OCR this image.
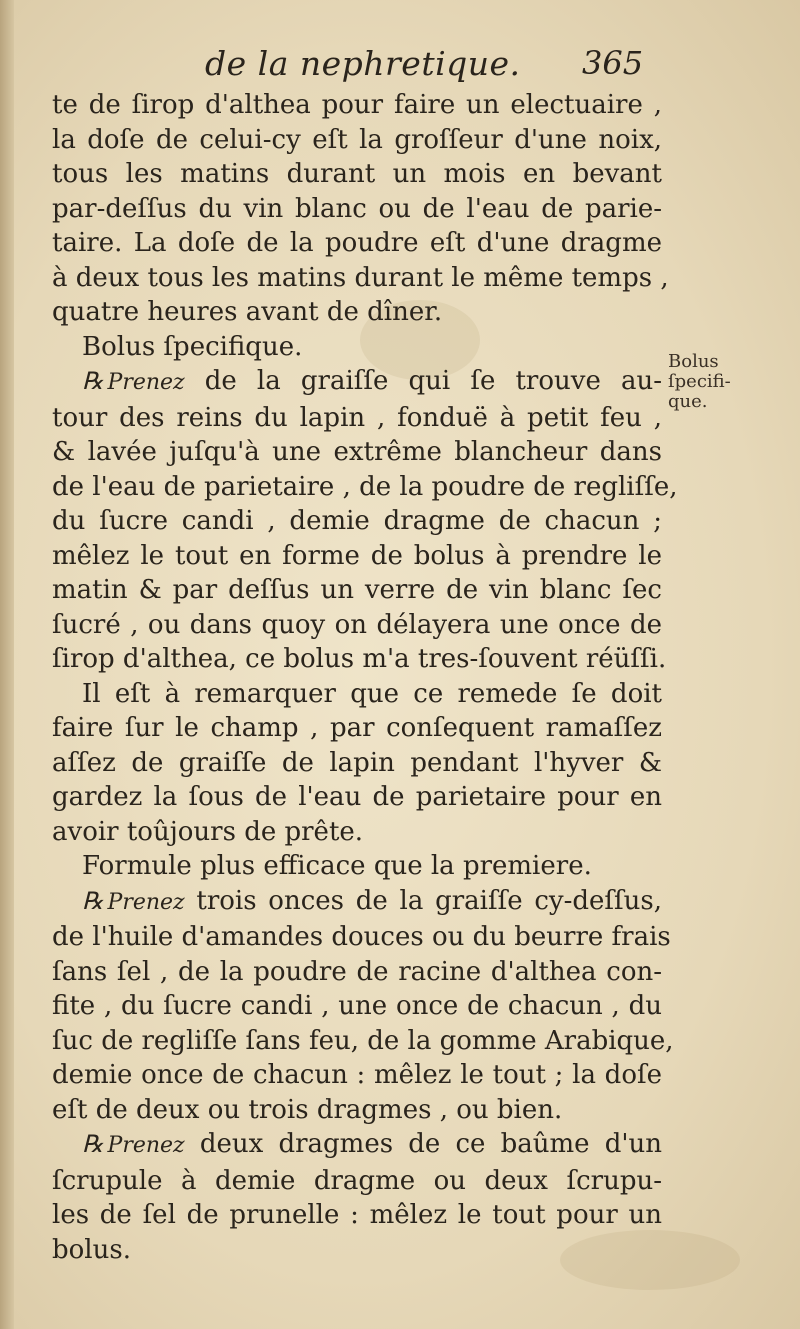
de la nephretique. 365
Bolus
ſpecifi-
que.
te de ſirop d'althea pour faire un electuaire ,
la doſe de celui-cy eſt la groſſeur d'une noix,
tous les matins durant un mois en bevant
par-deſſus du vin blanc ou de l'eau de parie-
taire. La doſe de la poudre eſt d'une dragme
à deux tous les matins durant le même temps ,
quatre heures avant de dîner.
Bolus ſpecifique.
℞ Prenez de la graiſſe qui ſe trouve au-
tour des reins du lapin , fonduë à petit feu ,
& lavée juſqu'à une extrême blancheur dans
de l'eau de parietaire , de la poudre de regliſſe,
du ſucre candi , demie dragme de chacun ;
mêlez le tout en forme de bolus à prendre le
matin & par deſſus un verre de vin blanc ſec
ſucré , ou dans quoy on délayera une once de
ſirop d'althea, ce bolus m'a tres-ſouvent réüſſi.
Il eſt à remarquer que ce remede ſe doit
faire ſur le champ , par conſequent ramaſſez
aſſez de graiſſe de lapin pendant l'hyver &
gardez la ſous de l'eau de parietaire pour en
avoir toûjours de prête.
Formule plus efficace que la premiere.
℞ Prenez trois onces de la graiſſe cy-deſſus,
de l'huile d'amandes douces ou du beurre frais
ſans ſel , de la poudre de racine d'althea con-
fite , du ſucre candi , une once de chacun , du
ſuc de regliſſe ſans feu, de la gomme Arabique,
demie once de chacun : mêlez le tout ; la doſe
eſt de deux ou trois dragmes , ou bien.
℞ Prenez deux dragmes de ce baûme d'un
ſcrupule à demie dragme ou deux ſcrupu-
les de ſel de prunelle : mêlez le tout pour un
bolus.
